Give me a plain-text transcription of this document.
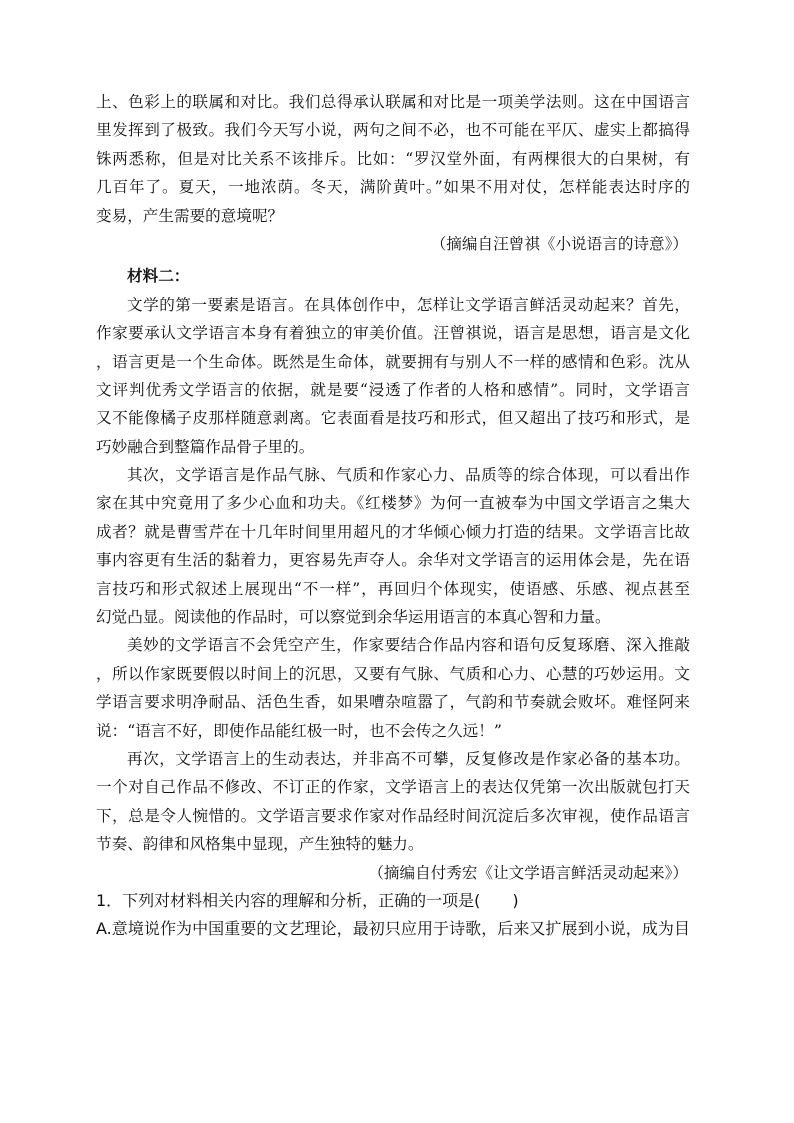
上、色彩上的联属和对比。我们总得承认联属和对比是一项美学法则。这在中国语言
里发挥到了极致。我们今天写小说，两句之间不必，也不可能在平仄、虚实上都搞得
铢两悉称，但是对比关系不该排斥。比如：“罗汉堂外面，有两棵很大的白果树，有
几百年了。夏天，一地浓荫。冬天，满阶黄叶。”如果不用对仗，怎样能表达时序的
变易，产生需要的意境呢？
（摘编自汪曾祺《小说语言的诗意》）
材料二：
文学的第一要素是语言。在具体创作中，怎样让文学语言鲜活灵动起来？首先，
作家要承认文学语言本身有着独立的审美价值。汪曾祺说，语言是思想，语言是文化
，语言更是一个生命体。既然是生命体，就要拥有与别人不一样的感情和色彩。沈从
文评判优秀文学语言的依据，就是要“浸透了作者的人格和感情”。同时，文学语言
又不能像橘子皮那样随意剥离。它表面看是技巧和形式，但又超出了技巧和形式，是
巧妙融合到整篇作品骨子里的。
其次，文学语言是作品气脉、气质和作家心力、品质等的综合体现，可以看出作
家在其中究竟用了多少心血和功夫。《红楼梦》为何一直被奉为中国文学语言之集大
成者？就是曹雪芹在十几年时间里用超凡的才华倾心倾力打造的结果。文学语言比故
事内容更有生活的黏着力，更容易先声夺人。余华对文学语言的运用体会是，先在语
言技巧和形式叙述上展现出“不一样”，再回归个体现实，使语感、乐感、视点甚至
幻觉凸显。阅读他的作品时，可以察觉到余华运用语言的本真心智和力量。
美妙的文学语言不会凭空产生，作家要结合作品内容和语句反复琢磨、深入推敲
，所以作家既要假以时间上的沉思，又要有气脉、气质和心力、心慧的巧妙运用。文
学语言要求明净耐品、活色生香，如果嘈杂喧嚣了，气韵和节奏就会败坏。难怪阿来
说：“语言不好，即使作品能红极一时，也不会传之久远！”
再次，文学语言上的生动表达，并非高不可攀，反复修改是作家必备的基本功。
一个对自己作品不修改、不订正的作家，文学语言上的表达仅凭第一次出版就包打天
下，总是令人惋惜的。文学语言要求作家对作品经时间沉淀后多次审视，使作品语言
节奏、韵律和风格集中显现，产生独特的魅力。
（摘编自付秀宏《让文学语言鲜活灵动起来》）
1．下列对材料相关内容的理解和分析，正确的一项是(　　)
A.意境说作为中国重要的文艺理论，最初只应用于诗歌，后来又扩展到小说，成为目
